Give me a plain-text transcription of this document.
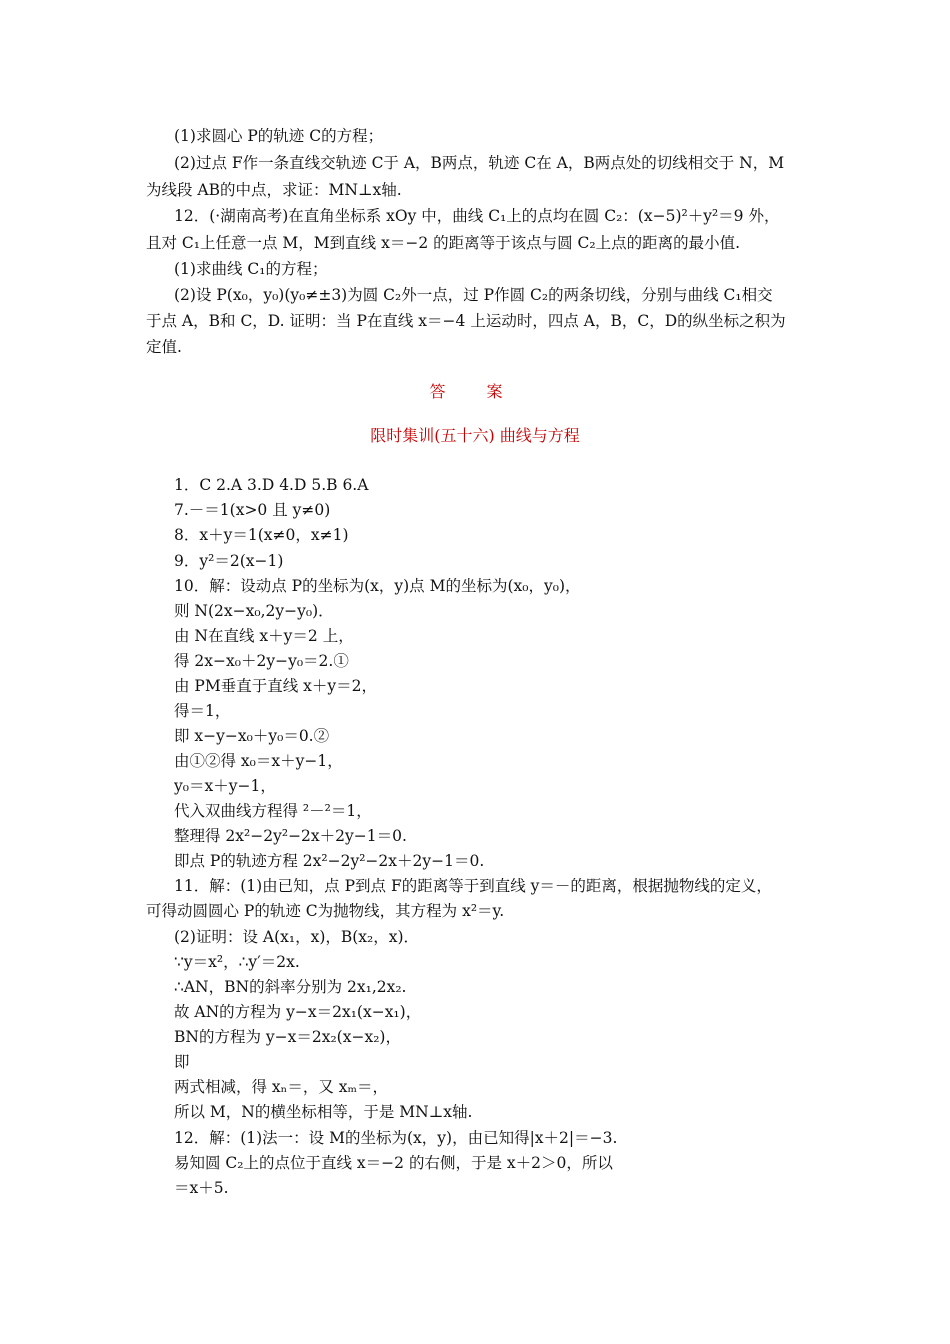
(1)求圆心 P的轨迹 C的方程；
(2)过点 F作一条直线交轨迹 C于 A，B两点，轨迹 C在 A，B两点处的切线相交于 N，M
为线段 AB的中点，求证：MN⊥x轴.
12．(·湖南高考)在直角坐标系 xOy 中，曲线 C₁上的点均在圆 C₂：(x−5)²＋y²＝9 外，
且对 C₁上任意一点 M，M到直线 x＝−2 的距离等于该点与圆 C₂上点的距离的最小值.
(1)求曲线 C₁的方程；
(2)设 P(x₀，y₀)(y₀≠±3)为圆 C₂外一点，过 P作圆 C₂的两条切线，分别与曲线 C₁相交
于点 A，B和 C，D. 证明：当 P在直线 x＝−4 上运动时，四点 A，B，C，D的纵坐标之积为
定值.
答 案
限时集训(五十六) 曲线与方程
1．C 2.A 3.D 4.D 5.B 6.A
7.－＝1(x>0 且 y≠0)
8．x＋y＝1(x≠0，x≠1)
9．y²＝2(x−1)
10．解：设动点 P的坐标为(x，y)点 M的坐标为(x₀，y₀)，
则 N(2x−x₀,2y−y₀)．
由 N在直线 x＋y＝2 上，
得 2x−x₀＋2y−y₀＝2.①
由 PM垂直于直线 x＋y＝2，
得＝1，
即 x−y−x₀＋y₀＝0.②
由①②得 x₀＝x＋y−1，
y₀＝x＋y−1，
代入双曲线方程得 ²－²＝1，
整理得 2x²−2y²−2x＋2y−1＝0.
即点 P的轨迹方程 2x²−2y²−2x＋2y−1＝0.
11．解：(1)由已知，点 P到点 F的距离等于到直线 y＝－的距离，根据抛物线的定义，
可得动圆圆心 P的轨迹 C为抛物线，其方程为 x²＝y.
(2)证明：设 A(x₁，x)，B(x₂，x)．
∵y＝x²，∴y′＝2x.
∴AN，BN的斜率分别为 2x₁,2x₂.
故 AN的方程为 y−x＝2x₁(x−x₁)，
BN的方程为 y−x＝2x₂(x−x₂)，
即
两式相减，得 xₙ＝，又 xₘ＝，
所以 M，N的横坐标相等，于是 MN⊥x轴.
12．解：(1)法一：设 M的坐标为(x，y)，由已知得|x＋2|＝−3.
易知圆 C₂上的点位于直线 x＝−2 的右侧，于是 x＋2＞0，所以
＝x＋5.
